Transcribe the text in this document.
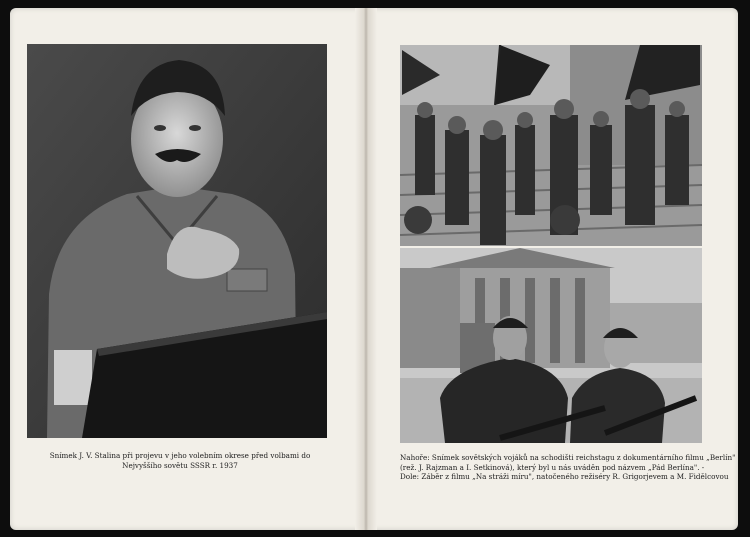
Snímek J. V. Stalina při projevu v jeho volebním okrese před volbami do Nejvyššího sovětu SSSR r. 1937

Nahoře: Snímek sovětských vojáků na schodišti reichstagu z dokumentárního filmu „Berlín"
(rež. J. Rajzman a I. Setkinová), který byl u nás uváděn pod názvem „Pád Berlína". -
Dole: Záběr z filmu „Na stráži míru", natočeného režiséry R. Grigorjevem a M. Fidělcovou
